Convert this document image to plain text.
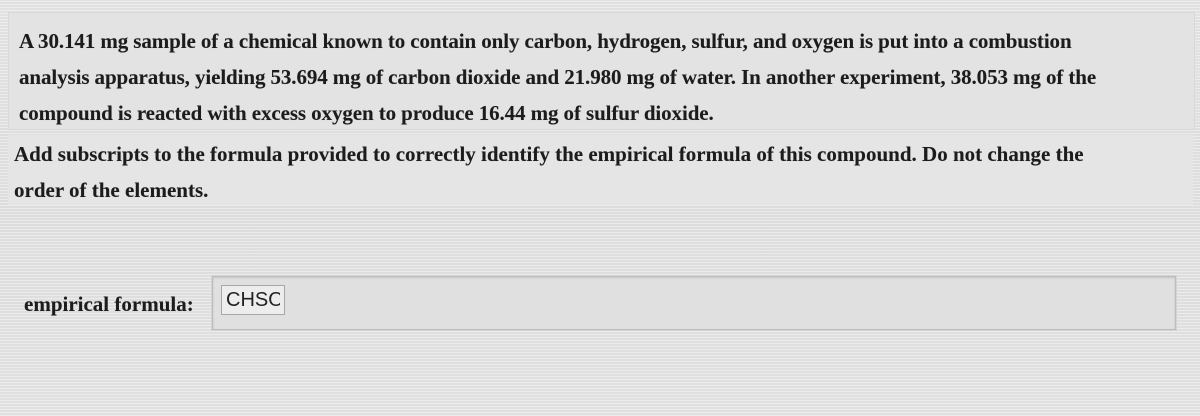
A 30.141 mg sample of a chemical known to contain only carbon, hydrogen, sulfur, and oxygen is put into a combustion
analysis apparatus, yielding 53.694 mg of carbon dioxide and 21.980 mg of water. In another experiment, 38.053 mg of the
compound is reacted with excess oxygen to produce 16.44 mg of sulfur dioxide.
Add subscripts to the formula provided to correctly identify the empirical formula of this compound. Do not change the
order of the elements.
empirical formula:
CHSO
